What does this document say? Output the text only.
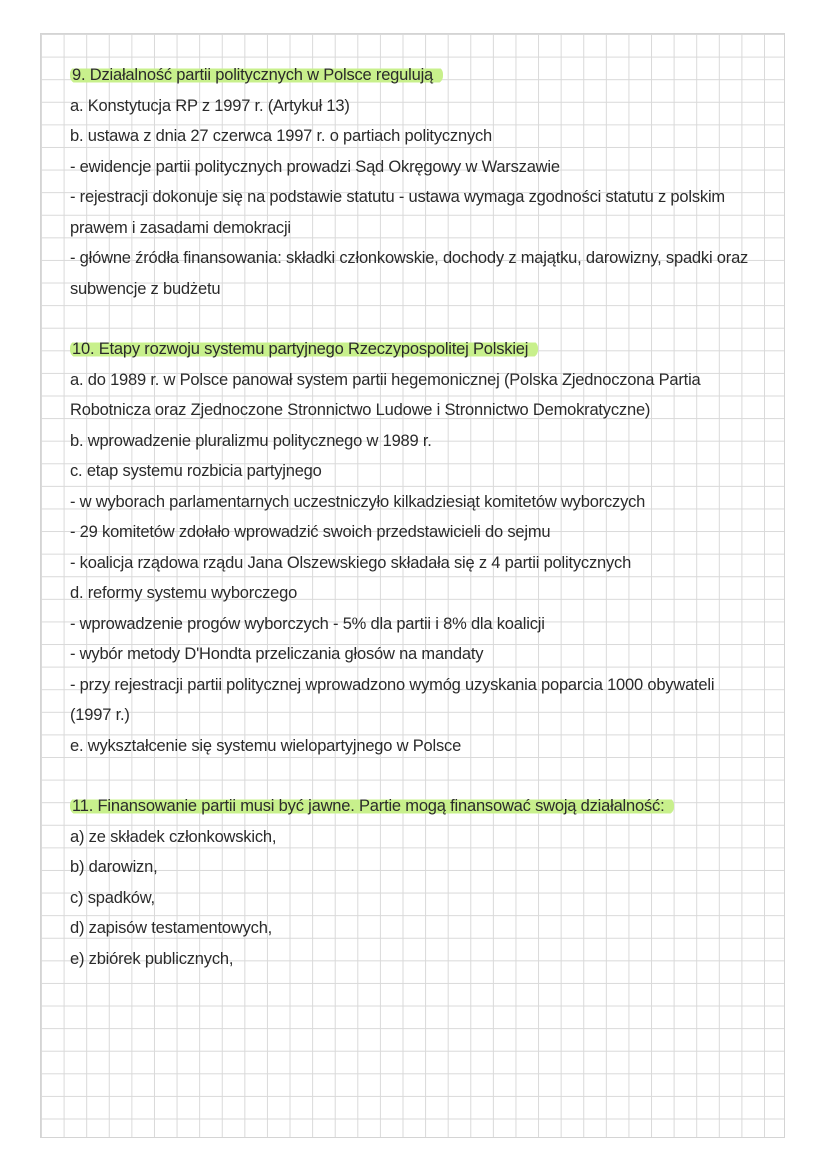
9. Działalność partii politycznych w Polsce regulują

a. Konstytucja RP z 1997 r. (Artykuł 13)

b. ustawa z dnia 27 czerwca 1997 r. o partiach politycznych

- ewidencje partii politycznych prowadzi Sąd Okręgowy w Warszawie

- rejestracji dokonuje się na podstawie statutu - ustawa wymaga zgodności statutu z polskim

prawem i zasadami demokracji

- główne źródła finansowania: składki członkowskie, dochody z majątku, darowizny, spadki oraz

subwencje z budżetu

10. Etapy rozwoju systemu partyjnego Rzeczypospolitej Polskiej

a. do 1989 r. w Polsce panował system partii hegemonicznej (Polska Zjednoczona Partia

Robotnicza oraz Zjednoczone Stronnictwo Ludowe i Stronnictwo Demokratyczne)

b. wprowadzenie pluralizmu politycznego w 1989 r.

c. etap systemu rozbicia partyjnego

- w wyborach parlamentarnych uczestniczyło kilkadziesiąt komitetów wyborczych

- 29 komitetów zdołało wprowadzić swoich przedstawicieli do sejmu

- koalicja rządowa rządu Jana Olszewskiego składała się z 4 partii politycznych

d. reformy systemu wyborczego

- wprowadzenie progów wyborczych - 5% dla partii i 8% dla koalicji

- wybór metody D'Hondta przeliczania głosów na mandaty

- przy rejestracji partii politycznej wprowadzono wymóg uzyskania poparcia 1000 obywateli

(1997 r.)

e. wykształcenie się systemu wielopartyjnego w Polsce

11. Finansowanie partii musi być jawne. Partie mogą finansować swoją działalność:

a) ze składek członkowskich,

b) darowizn,

c) spadków,

d) zapisów testamentowych,

e) zbiórek publicznych,
